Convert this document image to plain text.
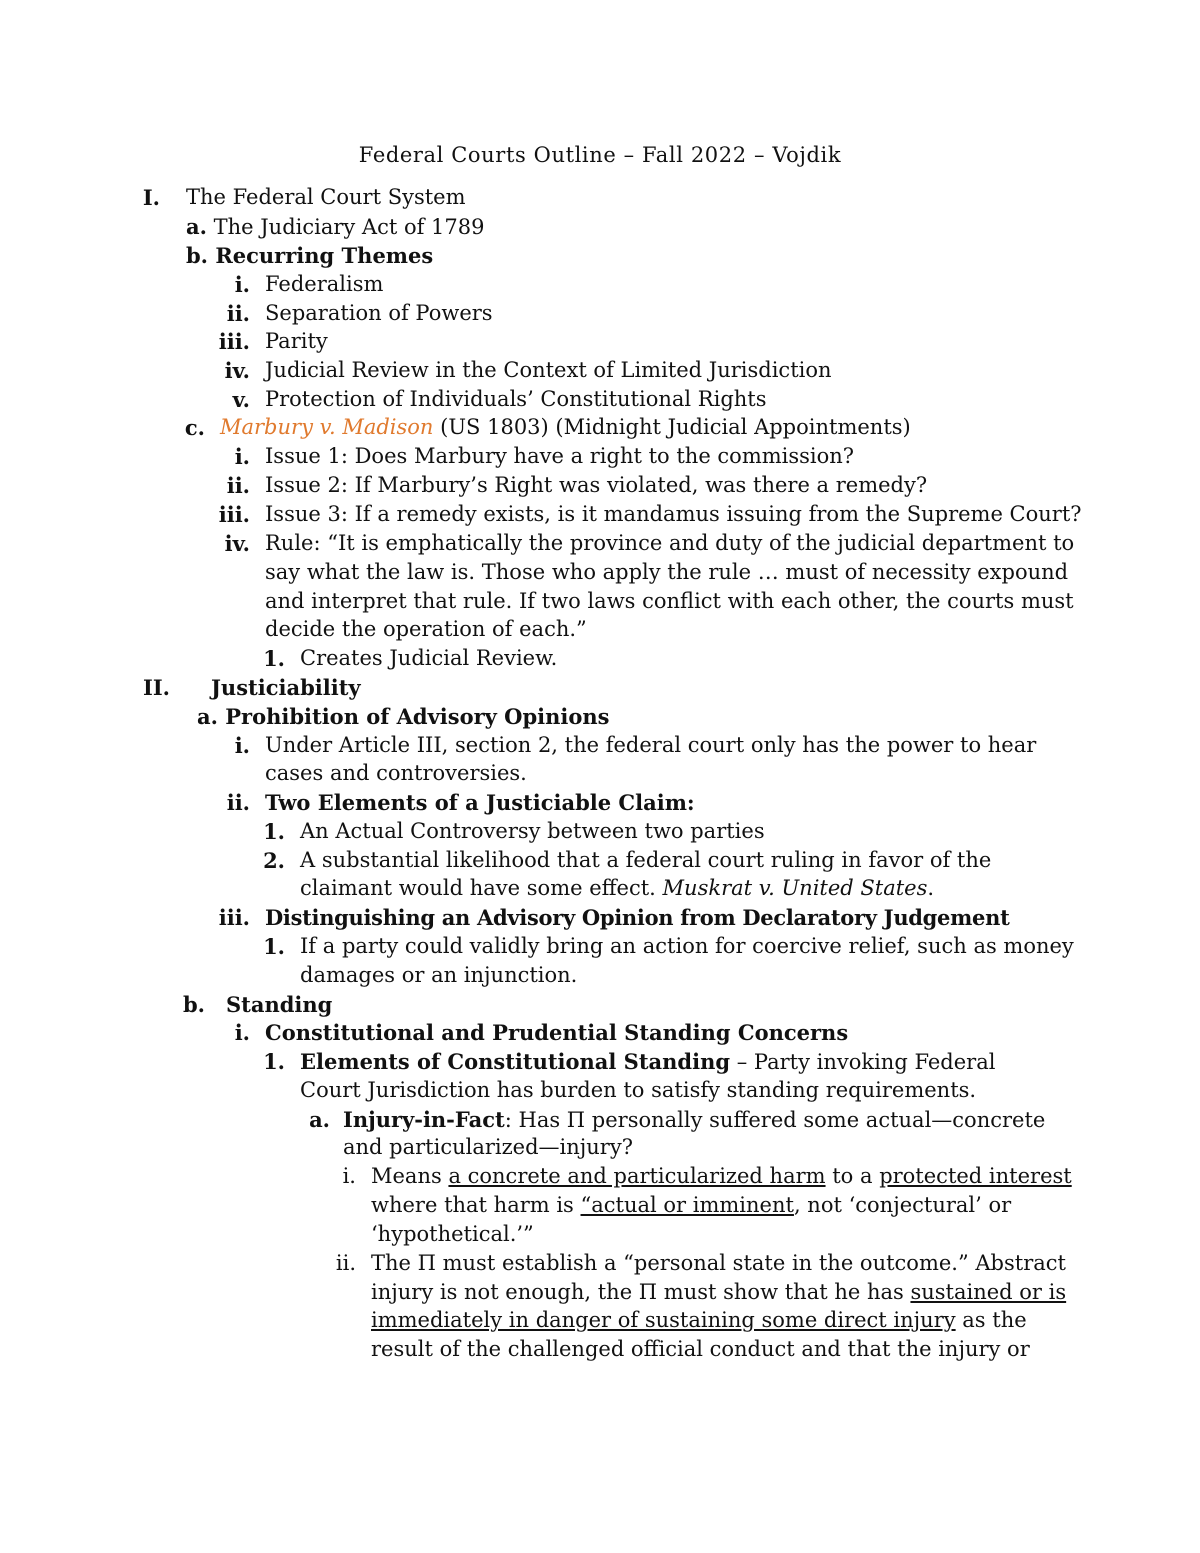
Federal Courts Outline – Fall 2022 – Vojdik
I. The Federal Court System
a. The Judiciary Act of 1789
b. Recurring Themes
i. Federalism
ii. Separation of Powers
iii. Parity
iv. Judicial Review in the Context of Limited Jurisdiction
v. Protection of Individuals’ Constitutional Rights
c. Marbury v. Madison (US 1803) (Midnight Judicial Appointments)
i. Issue 1: Does Marbury have a right to the commission?
ii. Issue 2: If Marbury’s Right was violated, was there a remedy?
iii. Issue 3: If a remedy exists, is it mandamus issuing from the Supreme Court?
iv. Rule: “It is emphatically the province and duty of the judicial department to
say what the law is. Those who apply the rule … must of necessity expound
and interpret that rule. If two laws conflict with each other, the courts must
decide the operation of each.”
1. Creates Judicial Review.
II. Justiciability
a. Prohibition of Advisory Opinions
i. Under Article III, section 2, the federal court only has the power to hear
cases and controversies.
ii. Two Elements of a Justiciable Claim:
1. An Actual Controversy between two parties
2. A substantial likelihood that a federal court ruling in favor of the
claimant would have some effect. Muskrat v. United States.
iii. Distinguishing an Advisory Opinion from Declaratory Judgement
1. If a party could validly bring an action for coercive relief, such as money
damages or an injunction.
b. Standing
i. Constitutional and Prudential Standing Concerns
1. Elements of Constitutional Standing – Party invoking Federal
Court Jurisdiction has burden to satisfy standing requirements.
a. Injury-in-Fact: Has Π personally suffered some actual—concrete
and particularized—injury?
i. Means a concrete and particularized harm to a protected interest
where that harm is “actual or imminent, not ‘conjectural’ or
‘hypothetical.’”
ii. The Π must establish a “personal state in the outcome.” Abstract
injury is not enough, the Π must show that he has sustained or is
immediately in danger of sustaining some direct injury as the
result of the challenged official conduct and that the injury or
